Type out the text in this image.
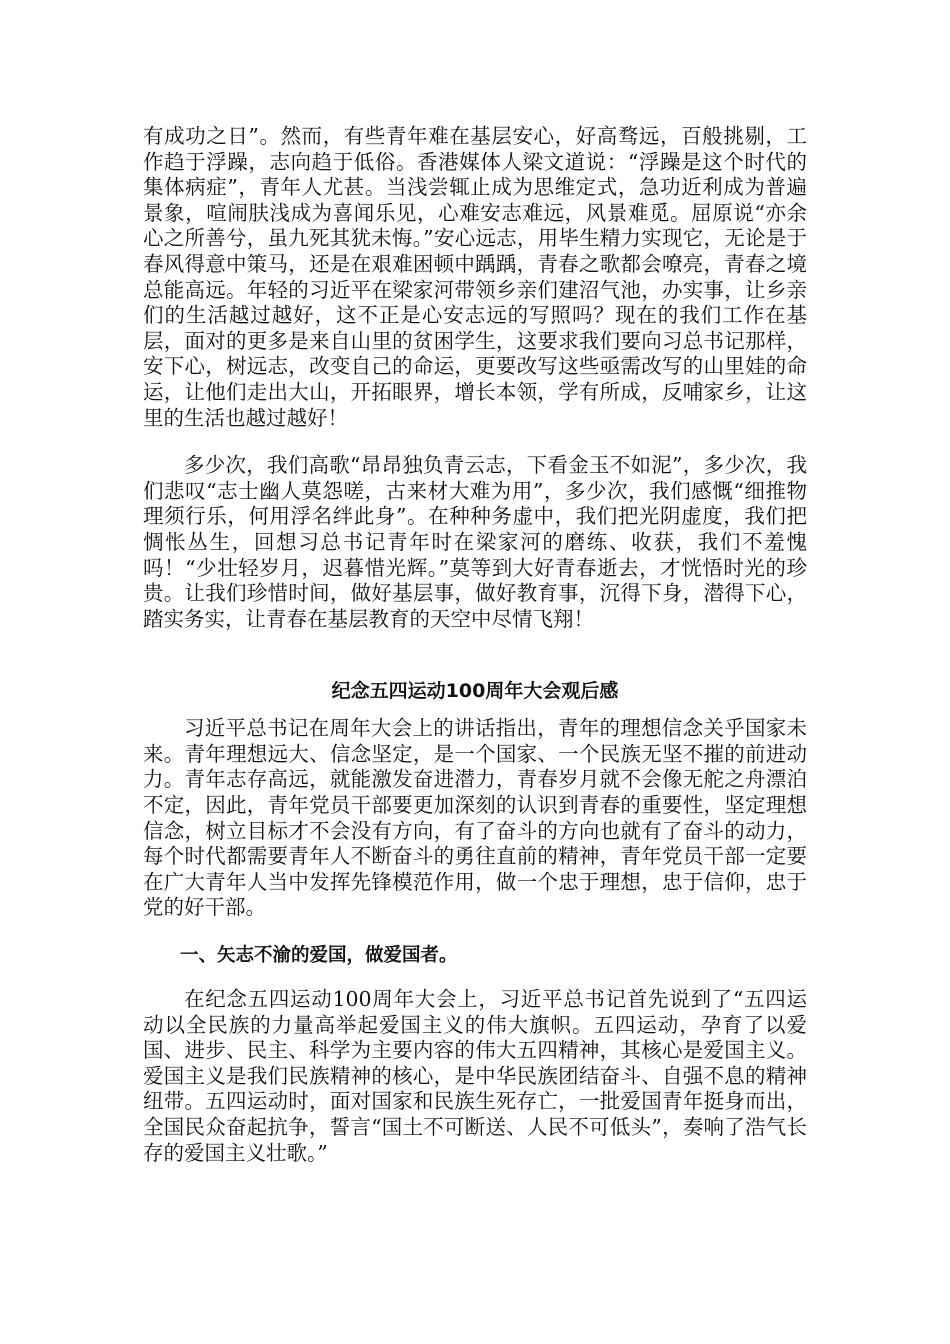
有成功之日”。然而，有些青年难在基层安心，好高骛远，百般挑剔，工作趋于浮躁，志向趋于低俗。香港媒体人梁文道说：“浮躁是这个时代的集体病症”，青年人尤甚。当浅尝辄止成为思维定式，急功近利成为普遍景象，喧闹肤浅成为喜闻乐见，心难安志难远，风景难觅。屈原说“亦余心之所善兮，虽九死其犹未悔。”安心远志，用毕生精力实现它，无论是于春风得意中策马，还是在艰难困顿中踽踽，青春之歌都会嘹亮，青春之境总能高远。年轻的习近平在梁家河带领乡亲们建沼气池，办实事，让乡亲们的生活越过越好，这不正是心安志远的写照吗？现在的我们工作在基层，面对的更多是来自山里的贫困学生，这要求我们要向习总书记那样，安下心，树远志，改变自己的命运，更要改写这些亟需改写的山里娃的命运，让他们走出大山，开拓眼界，增长本领，学有所成，反哺家乡，让这里的生活也越过越好！

多少次，我们高歌“昂昂独负青云志，下看金玉不如泥”，多少次，我们悲叹“志士幽人莫怨嗟，古来材大难为用”，多少次，我们感慨“细推物理须行乐，何用浮名绊此身”。在种种务虚中，我们把光阴虚度，我们把惆怅丛生，回想习总书记青年时在梁家河的磨练、收获，我们不羞愧吗！“少壮轻岁月，迟暮惜光辉。”莫等到大好青春逝去，才恍悟时光的珍贵。让我们珍惜时间，做好基层事，做好教育事，沉得下身，潜得下心，踏实务实，让青春在基层教育的天空中尽情飞翔！

纪念五四运动100周年大会观后感

习近平总书记在周年大会上的讲话指出，青年的理想信念关乎国家未来。青年理想远大、信念坚定，是一个国家、一个民族无坚不摧的前进动力。青年志存高远，就能激发奋进潜力，青春岁月就不会像无舵之舟漂泊不定，因此，青年党员干部要更加深刻的认识到青春的重要性，坚定理想信念，树立目标才不会没有方向，有了奋斗的方向也就有了奋斗的动力，每个时代都需要青年人不断奋斗的勇往直前的精神，青年党员干部一定要在广大青年人当中发挥先锋模范作用，做一个忠于理想，忠于信仰，忠于党的好干部。

一、矢志不渝的爱国，做爱国者。

在纪念五四运动100周年大会上，习近平总书记首先说到了“五四运动以全民族的力量高举起爱国主义的伟大旗帜。五四运动，孕育了以爱国、进步、民主、科学为主要内容的伟大五四精神，其核心是爱国主义。爱国主义是我们民族精神的核心，是中华民族团结奋斗、自强不息的精神纽带。五四运动时，面对国家和民族生死存亡，一批爱国青年挺身而出，全国民众奋起抗争，誓言“国土不可断送、人民不可低头”，奏响了浩气长存的爱国主义壮歌。”
